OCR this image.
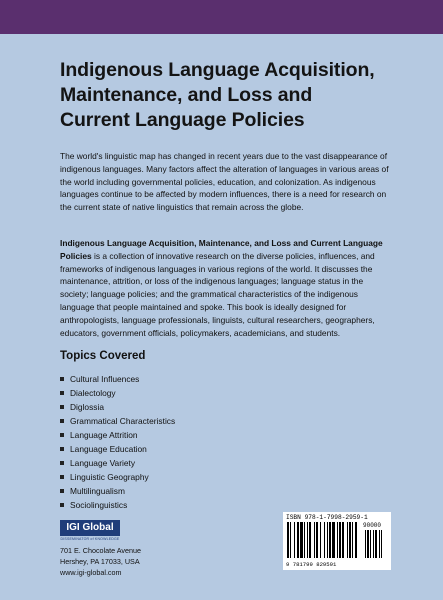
Indigenous Language Acquisition,
Maintenance, and Loss and
Current Language Policies
The world's linguistic map has changed in recent years due to the vast disappearance of indigenous languages. Many factors affect the alteration of languages in various areas of the world including governmental policies, education, and colonization. As indigenous languages continue to be affected by modern influences, there is a need for research on the current state of native linguistics that remain across the globe.
Indigenous Language Acquisition, Maintenance, and Loss and Current Language Policies is a collection of innovative research on the diverse policies, influences, and frameworks of indigenous languages in various regions of the world. It discusses the maintenance, attrition, or loss of the indigenous languages; language status in the society; language policies; and the grammatical characteristics of the indigenous language that people maintained and spoke. This book is ideally designed for anthropologists, language professionals, linguists, cultural researchers, geographers, educators, government officials, policymakers, academicians, and students.
Topics Covered
Cultural Influences
Dialectology
Diglossia
Grammatical Characteristics
Language Attrition
Language Education
Language Variety
Linguistic Geography
Multilingualism
Sociolinguistics
IGI Global
DISSEMINATOR of KNOWLEDGE
701 E. Chocolate Avenue
Hershey, PA 17033, USA
www.igi-global.com
ISBN 978-1-7998-2959-1
90000
9 781799 829591
